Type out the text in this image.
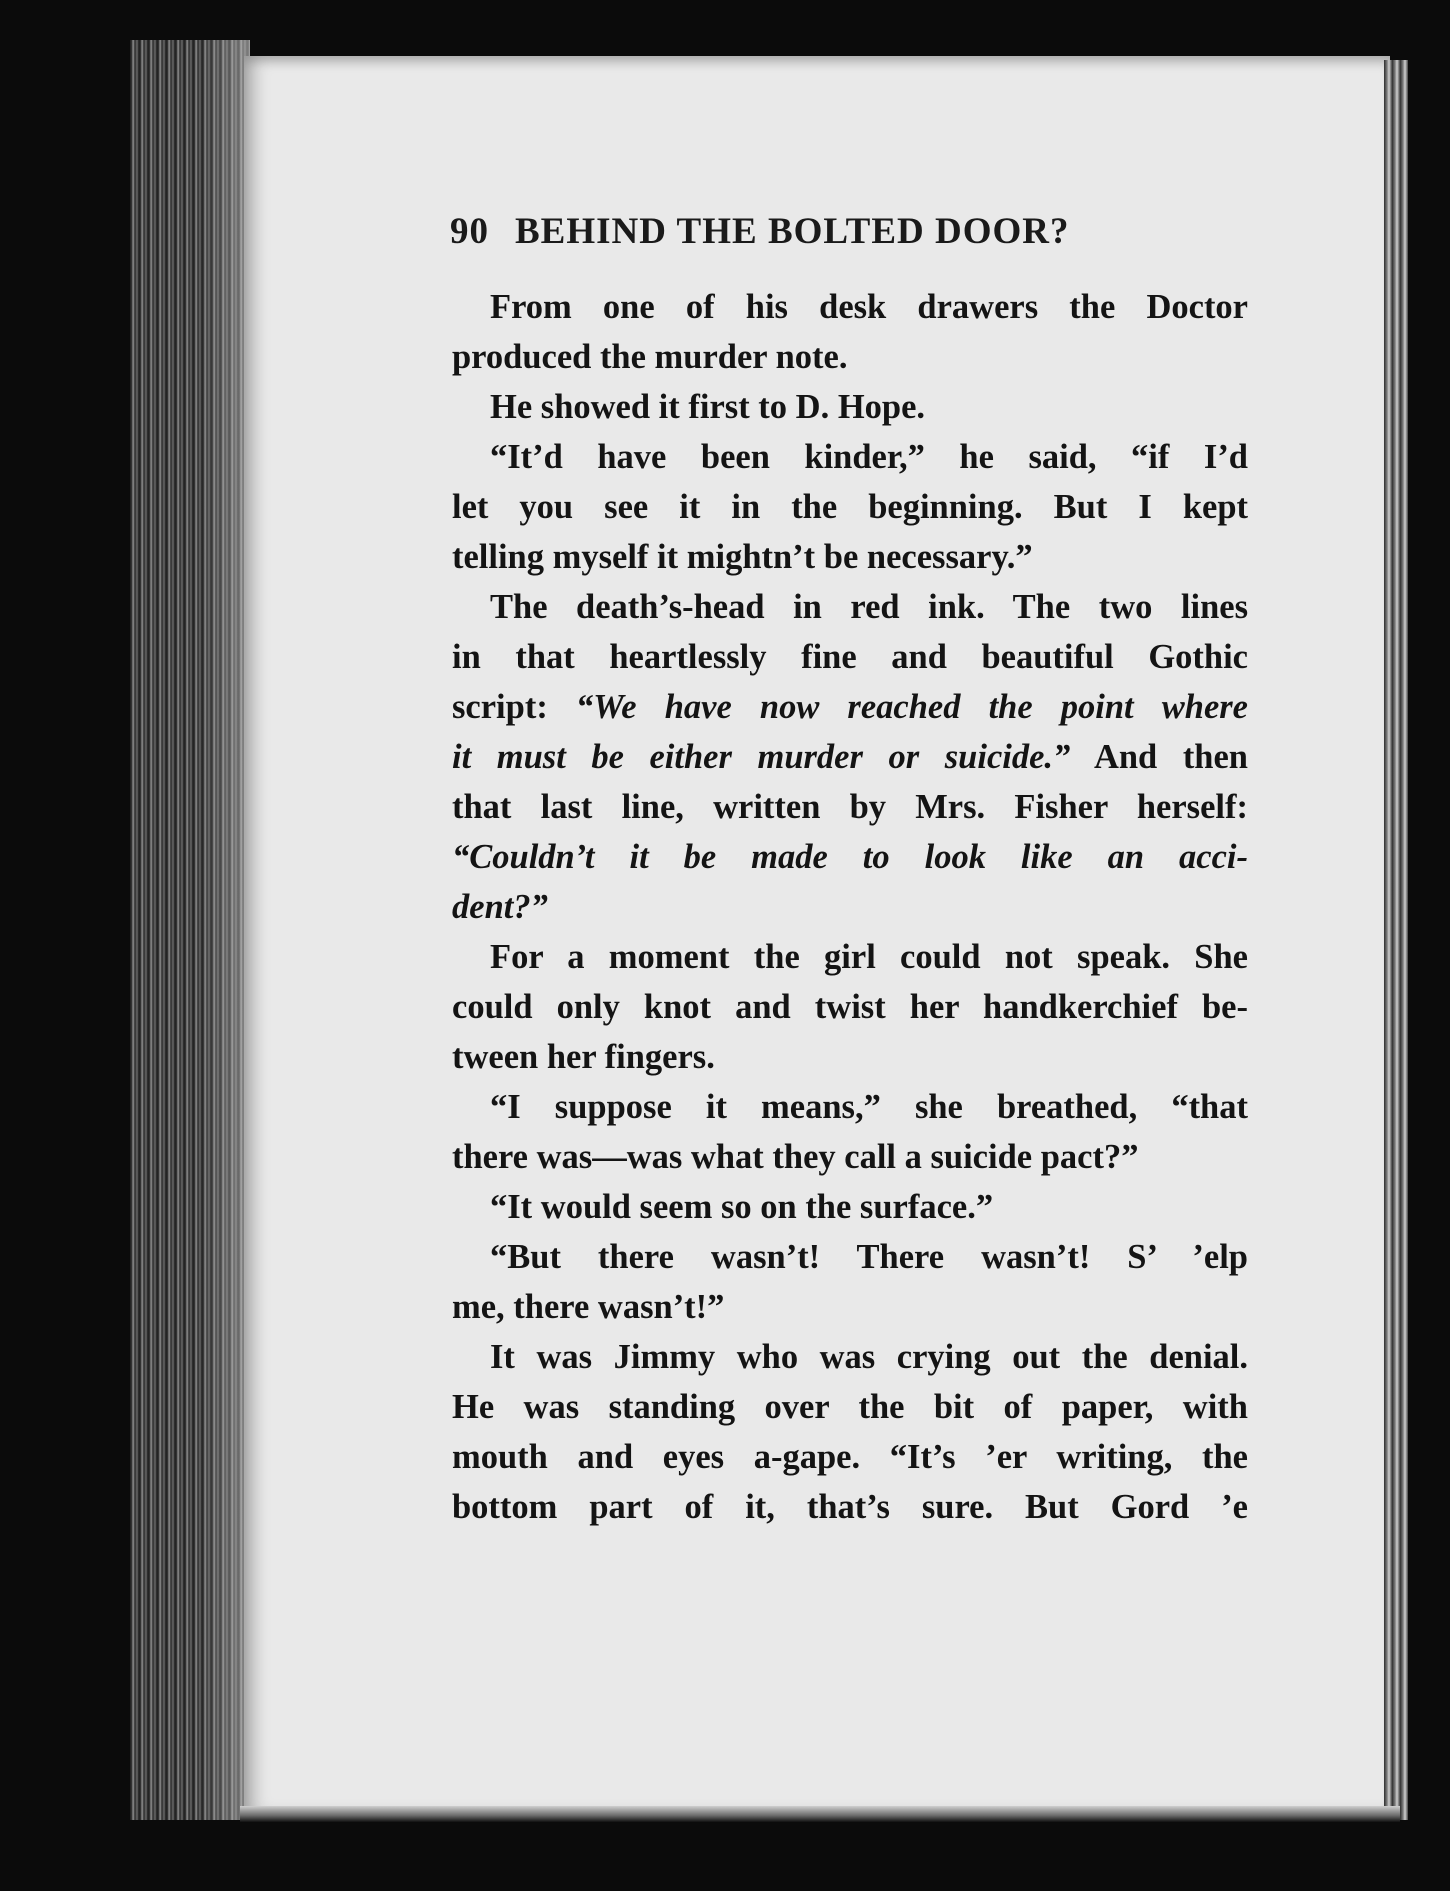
90 BEHIND THE BOLTED DOOR?
From one of his desk drawers the Doctor
produced the murder note.
He showed it first to D. Hope.
“It’d have been kinder,” he said, “if I’d
let you see it in the beginning. But I kept
telling myself it mightn’t be necessary.”
The death’s-head in red ink. The two lines
in that heartlessly fine and beautiful Gothic
script: “We have now reached the point where
it must be either murder or suicide.” And then
that last line, written by Mrs. Fisher herself:
“Couldn’t it be made to look like an acci-
dent?”
For a moment the girl could not speak. She
could only knot and twist her handkerchief be-
tween her fingers.
“I suppose it means,” she breathed, “that
there was—was what they call a suicide pact?”
“It would seem so on the surface.”
“But there wasn’t! There wasn’t! S’ ’elp
me, there wasn’t!”
It was Jimmy who was crying out the denial.
He was standing over the bit of paper, with
mouth and eyes a-gape. “It’s ’er writing, the
bottom part of it, that’s sure. But Gord ’e
